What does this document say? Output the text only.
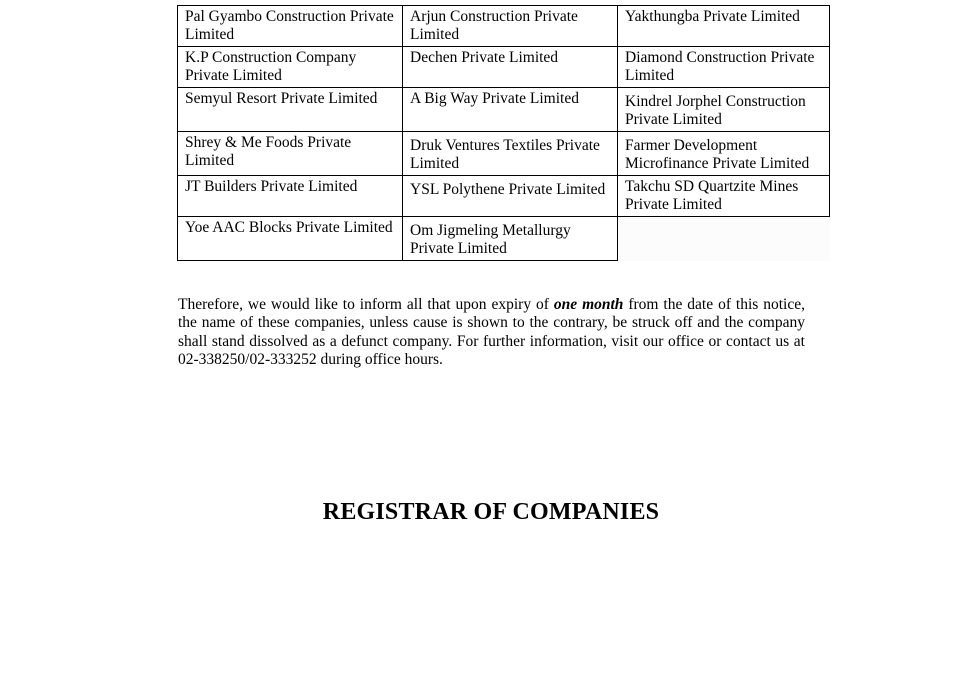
Pal Gyambo Construction Private Limited	Arjun Construction Private Limited	Yakthungba Private Limited
K.P Construction Company Private Limited	Dechen Private Limited	Diamond Construction Private Limited
Semyul Resort Private Limited	A Big Way Private Limited	Kindrel Jorphel Construction Private Limited
Shrey & Me Foods Private Limited	Druk Ventures Textiles Private Limited	Farmer Development Microfinance Private Limited
JT Builders Private Limited	YSL Polythene Private Limited	Takchu SD Quartzite Mines Private Limited
Yoe AAC Blocks Private Limited	Om Jigmeling Metallurgy Private Limited	

Therefore, we would like to inform all that upon expiry of one month from the date of this notice, the name of these companies, unless cause is shown to the contrary, be struck off and the company shall stand dissolved as a defunct company. For further information, visit our office or contact us at 02-338250/02-333252 during office hours.

REGISTRAR OF COMPANIES
